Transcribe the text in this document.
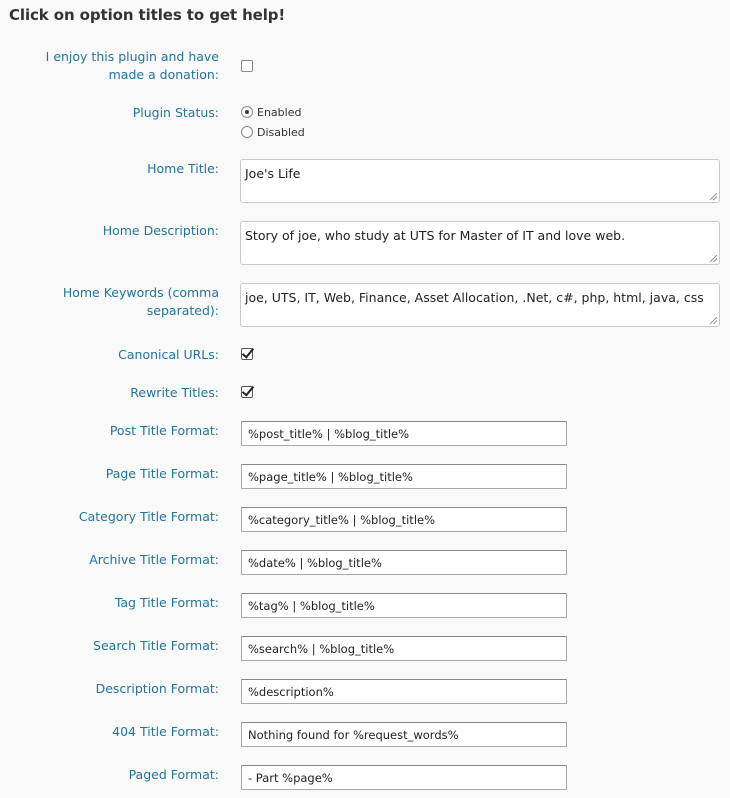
Click on option titles to get help!
I enjoy this plugin and have
made a donation:
Plugin Status:	Enabled
Disabled
Home Title:	Joe's Life
Home Description:	Story of joe, who study at UTS for Master of IT and love web.
Home Keywords (comma
separated):
joe, UTS, IT, Web, Finance, Asset Allocation, .Net, c#, php, html, java, css
Canonical URLs:
Rewrite Titles:
Post Title Format:	%post_title% | %blog_title%
Page Title Format:	%page_title% | %blog_title%
Category Title Format:	%category_title% | %blog_title%
Archive Title Format:	%date% | %blog_title%
Tag Title Format:	%tag% | %blog_title%
Search Title Format:	%search% | %blog_title%
Description Format:	%description%
404 Title Format:	Nothing found for %request_words%
Paged Format:	- Part %page%
